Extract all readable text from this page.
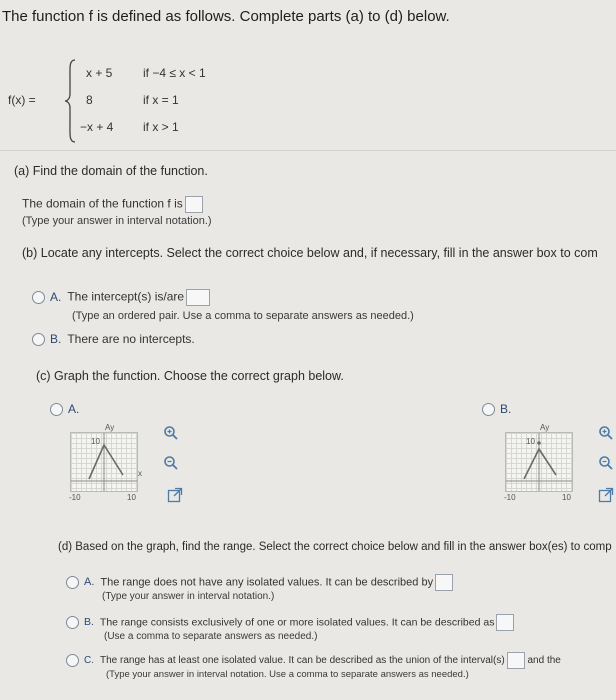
The function f is defined as follows. Complete parts (a) to (d) below.
f(x) =
x + 5	if −4 ≤ x < 1
8	if x = 1
−x + 4 if x > 1
(a) Find the domain of the function.
The domain of the function f is
(Type your answer in interval notation.)
(b) Locate any intercepts. Select the correct choice below and, if necessary, fill in the answer box to com
A. The intercept(s) is/are
(Type an ordered pair. Use a comma to separate answers as needed.)
B. There are no intercepts.
(c) Graph the function. Choose the correct graph below.
A.
Ay
10
-10	10
x
B.
Ay
10
-10	10
(d) Based on the graph, find the range. Select the correct choice below and fill in the answer box(es) to comp
A. The range does not have any isolated values. It can be described by
(Type your answer in interval notation.)
B. The range consists exclusively of one or more isolated values. It can be described as
(Use a comma to separate answers as needed.)
C. The range has at least one isolated value. It can be described as the union of the interval(s) and the
(Type your answer in interval notation. Use a comma to separate answers as needed.)
